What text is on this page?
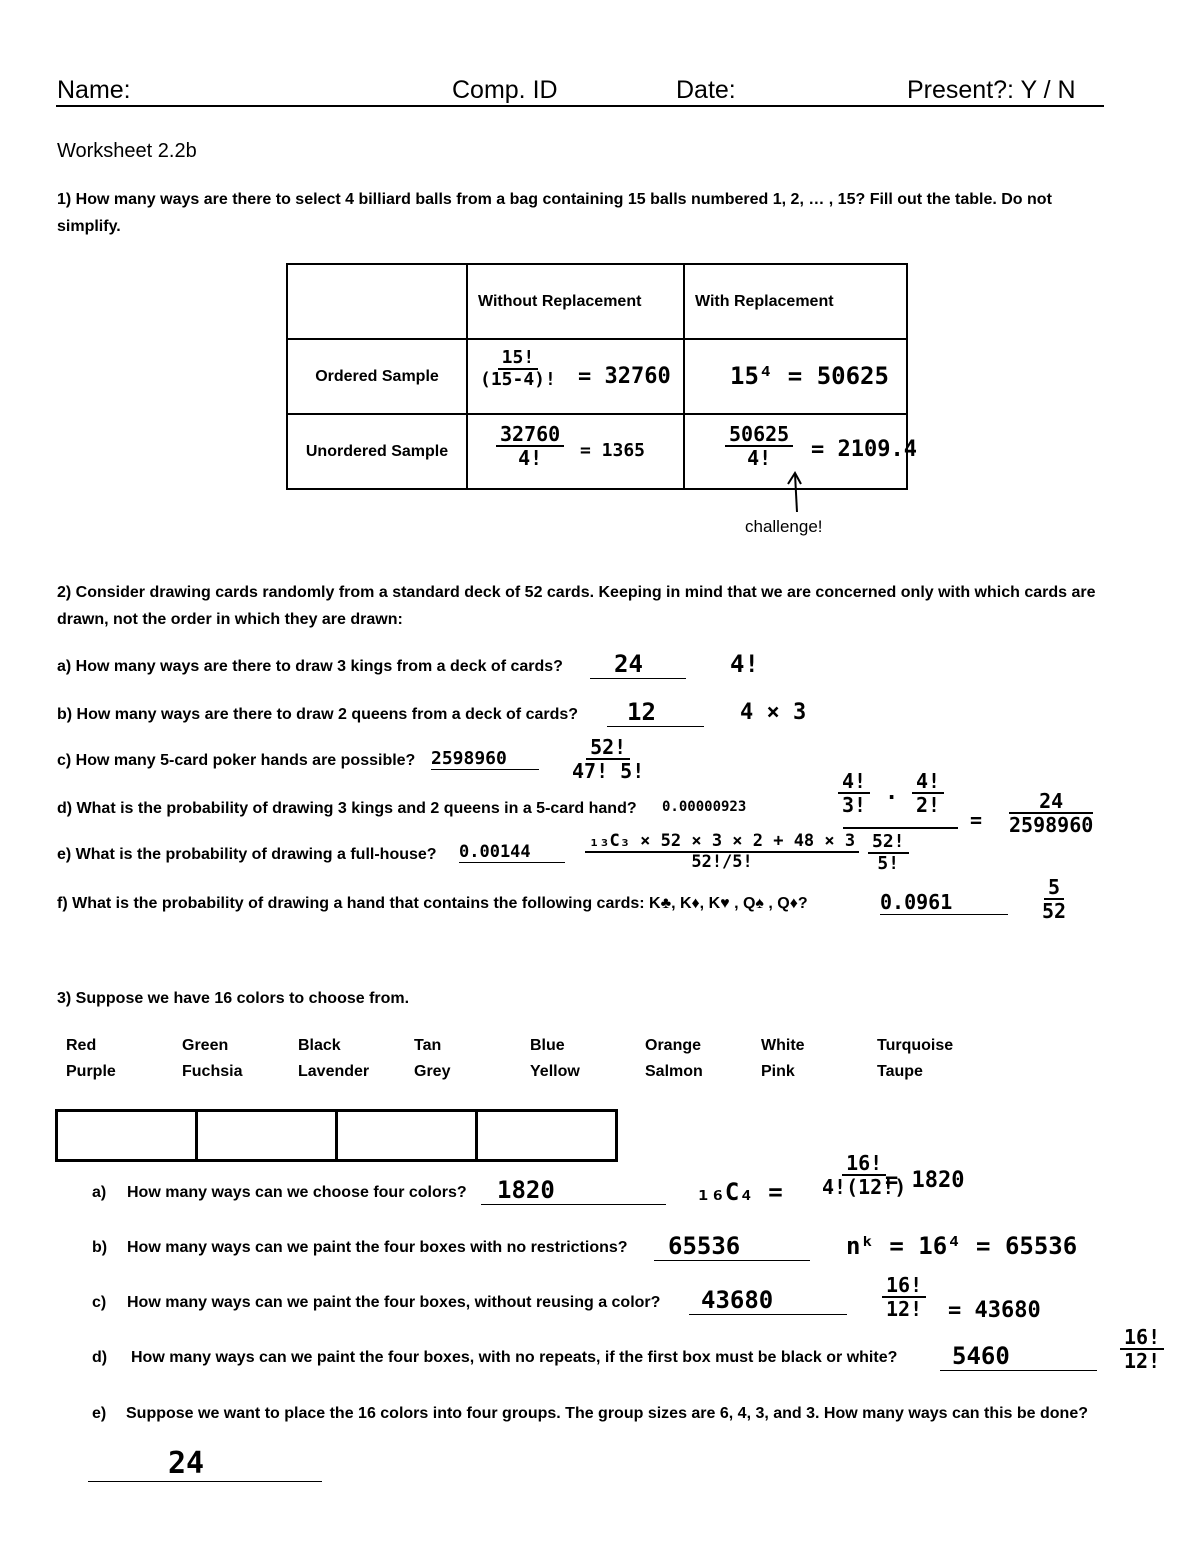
Name:	Comp. ID	Date:	Present?: Y / N
Worksheet 2.2b
1) How many ways are there to select 4 billiard balls from a bag containing 15 balls numbered 1, 2, … , 15? Fill out the table. Do not
simplify.
	Without Replacement	With Replacement
Ordered Sample	$\frac{15!}{(15-4)!} = 32760$	15⁴ = 50625

Unordered Sample	$\frac{32760}{4!} = 1365$	$\frac{50625}{4!} = 2109.4$
challenge!
2) Consider drawing cards randomly from a standard deck of 52 cards. Keeping in mind that we are concerned only with which cards are
drawn, not the order in which they are drawn:
a) How many ways are there to draw 3 kings from a deck of cards?	24	4!
b) How many ways are there to draw 2 queens from a deck of cards?	12	4 × 3
c) How many 5-card poker hands are possible? 2598960	$\frac{52!}{47! 5!}$
d) What is the probability of drawing 3 kings and 2 queens in a 5-card hand? 0.00000923	$\frac{4!}{3!} \cdot \frac{4!}{2!}$
$\frac{52!}{5!}$
= $\frac{24}{2598960}$
e) What is the probability of drawing a full-house? 0.00144	$\frac{\text{₁₃C₃ × 52 × 3 × 2 + 48 × 3}}{52!/5!}$
f) What is the probability of drawing a hand that contains the following cards: K♣, K♦, K♥ , Q♠ , Q♦?	0.0961	$\frac{5}{52}$
3) Suppose we have 16 colors to choose from.
Red	Green	Black	Tan	Blue	Orange	White	Turquoise
Purple	Fuchsia	Lavender	Grey	Yellow	Salmon	Pink	Taupe
a) How many ways can we choose four colors?	1820	$_{16}C_4 = \frac{16!}{4!(12!)}$
= 1820
b) How many ways can we paint the four boxes with no restrictions?	65536	nᵏ = 16⁴ = 65536
c) How many ways can we paint the four boxes, without reusing a color?	43680	$\frac{16!}{12!} = 43680$
d) How many ways can we paint the four boxes, with no repeats, if the first box must be black or white?	5460	$\frac{16!}{12!}$
e) Suppose we want to place the 16 colors into four groups. The group sizes are 6, 4, 3, and 3. How many ways can this be done?
24
